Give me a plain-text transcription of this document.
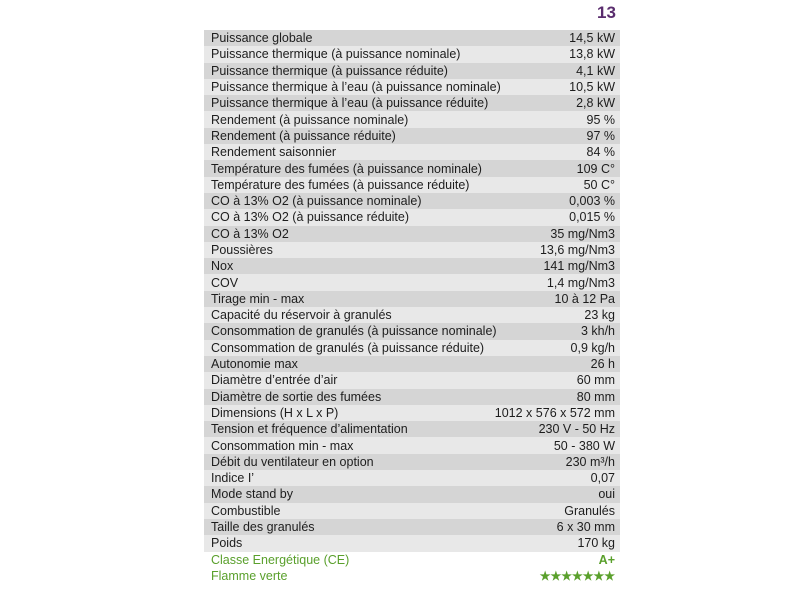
13
Puissance globale	14,5 kW
Puissance thermique (à puissance nominale)	13,8 kW
Puissance thermique (à puissance réduite)	4,1 kW
Puissance thermique à l’eau (à puissance nominale)	10,5 kW
Puissance thermique à l’eau (à puissance réduite)	2,8 kW
Rendement (à puissance nominale)	95 %
Rendement (à puissance réduite)	97 %
Rendement saisonnier	84 %
Température des fumées (à puissance nominale)	109 C°
Température des fumées (à puissance réduite)	50 C°
CO à 13% O2 (à puissance nominale)	0,003 %
CO à 13% O2 (à puissance réduite)	0,015 %
CO à 13% O2	35 mg/Nm3
Poussières	13,6 mg/Nm3
Nox	141 mg/Nm3
COV	1,4 mg/Nm3
Tirage min - max	10 à 12 Pa
Capacité du réservoir à granulés	23 kg
Consommation de granulés (à puissance nominale)	3 kh/h
Consommation de granulés (à puissance réduite)	0,9 kg/h
Autonomie max	26 h
Diamètre d’entrée d’air	60 mm
Diamètre de sortie des fumées	80 mm
Dimensions (H x L x P)	1012 x 576 x 572 mm
Tension et fréquence d’alimentation	230 V - 50 Hz
Consommation min - max	50 - 380 W
Débit du ventilateur en option	230 m³/h
Indice I’	0,07
Mode stand by	oui
Combustible	Granulés
Taille des granulés	6 x 30 mm
Poids	170 kg
Classe Energétique (CE)	A+
Flamme verte	★★★★★★★
